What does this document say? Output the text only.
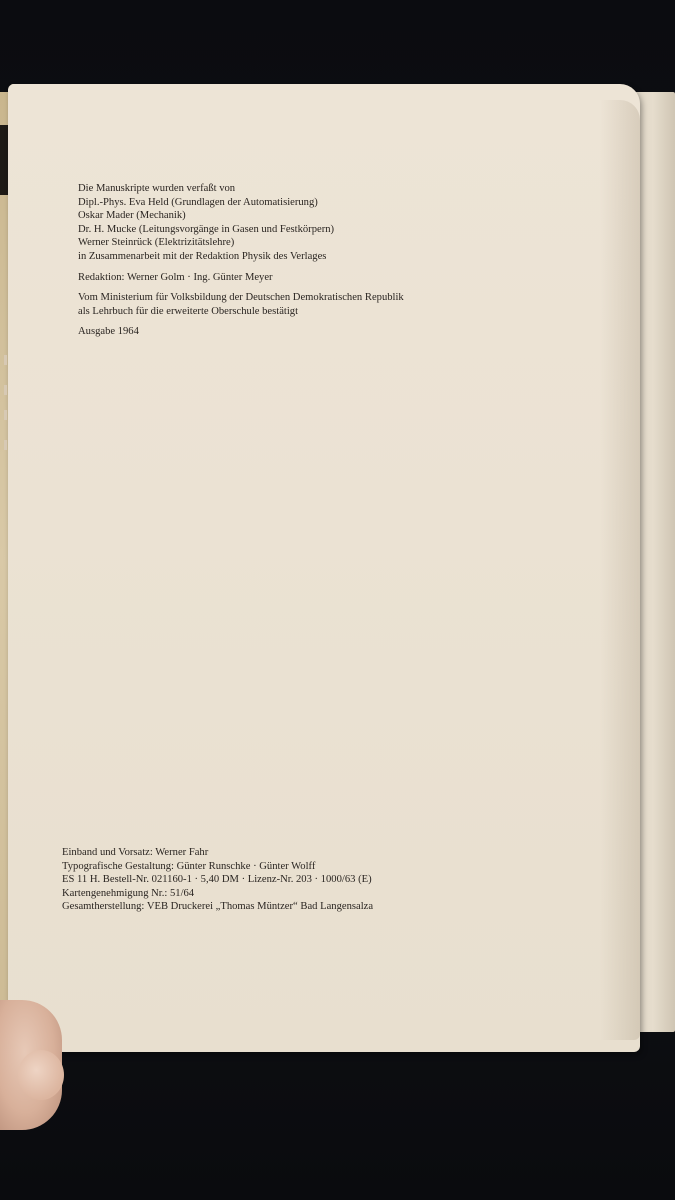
Die Manuskripte wurden verfaßt von
Dipl.-Phys. Eva Held (Grundlagen der Automatisierung)
Oskar Mader (Mechanik)
Dr. H. Mucke (Leitungsvorgänge in Gasen und Festkörpern)
Werner Steinrück (Elektrizitätslehre)
in Zusammenarbeit mit der Redaktion Physik des Verlages
Redaktion: Werner Golm · Ing. Günter Meyer
Vom Ministerium für Volksbildung der Deutschen Demokratischen Republik
als Lehrbuch für die erweiterte Oberschule bestätigt
Ausgabe 1964
Einband und Vorsatz: Werner Fahr
Typografische Gestaltung: Günter Runschke · Günter Wolff
ES 11 H. Bestell-Nr. 021160-1 · 5,40 DM · Lizenz-Nr. 203 · 1000/63 (E)
Kartengenehmigung Nr.: 51/64
Gesamtherstellung: VEB Druckerei „Thomas Müntzer“ Bad Langensalza
